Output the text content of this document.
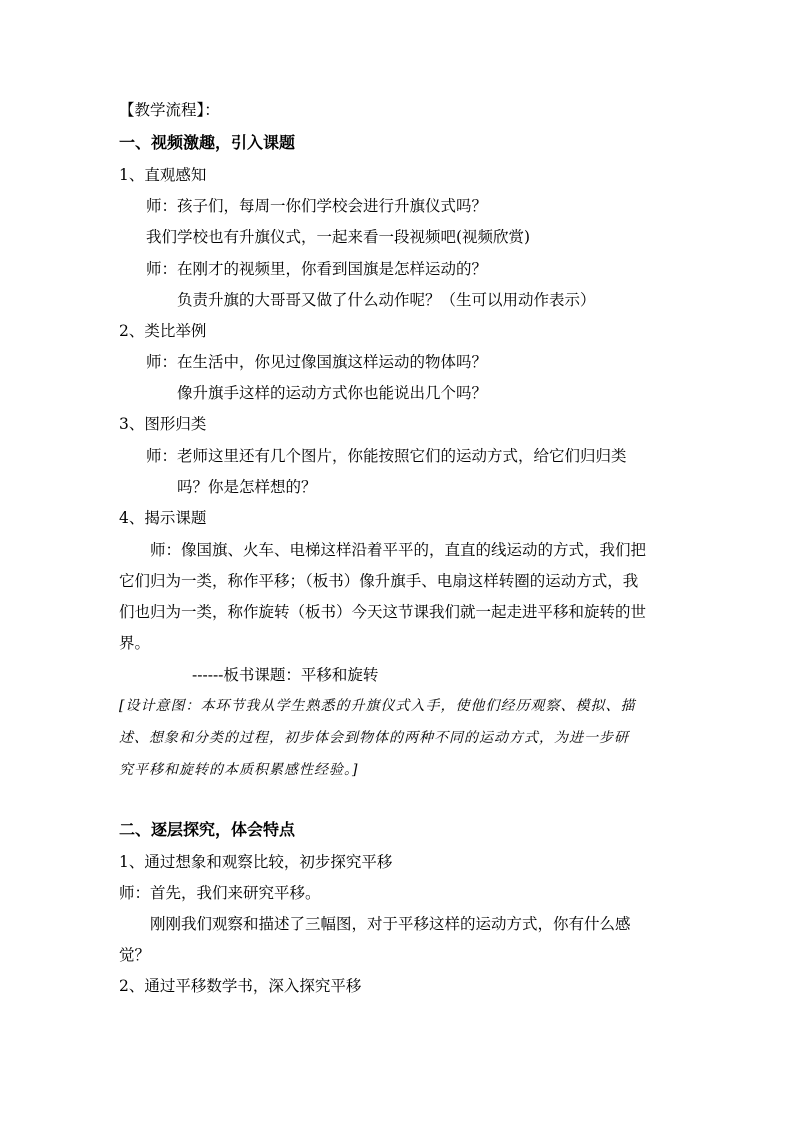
【教学流程】：
一、视频激趣，引入课题
1、直观感知
师：孩子们，每周一你们学校会进行升旗仪式吗？
我们学校也有升旗仪式，一起来看一段视频吧(视频欣赏)
师：在刚才的视频里，你看到国旗是怎样运动的？
负责升旗的大哥哥又做了什么动作呢？（生可以用动作表示）
2、类比举例
师：在生活中，你见过像国旗这样运动的物体吗？
像升旗手这样的运动方式你也能说出几个吗？
3、图形归类
师：老师这里还有几个图片，你能按照它们的运动方式，给它们归归类
吗？你是怎样想的？
4、揭示课题
师：像国旗、火车、电梯这样沿着平平的，直直的线运动的方式，我们把
它们归为一类，称作平移；（板书）像升旗手、电扇这样转圈的运动方式，我
们也归为一类，称作旋转（板书）今天这节课我们就一起走进平移和旋转的世
界。
------板书课题：平移和旋转
[设计意图：本环节我从学生熟悉的升旗仪式入手，使他们经历观察、模拟、描
述、想象和分类的过程，初步体会到物体的两种不同的运动方式，为进一步研
究平移和旋转的本质积累感性经验。]
二、逐层探究，体会特点
1、通过想象和观察比较，初步探究平移
师：首先，我们来研究平移。
刚刚我们观察和描述了三幅图，对于平移这样的运动方式，你有什么感
觉？
2、通过平移数学书，深入探究平移
